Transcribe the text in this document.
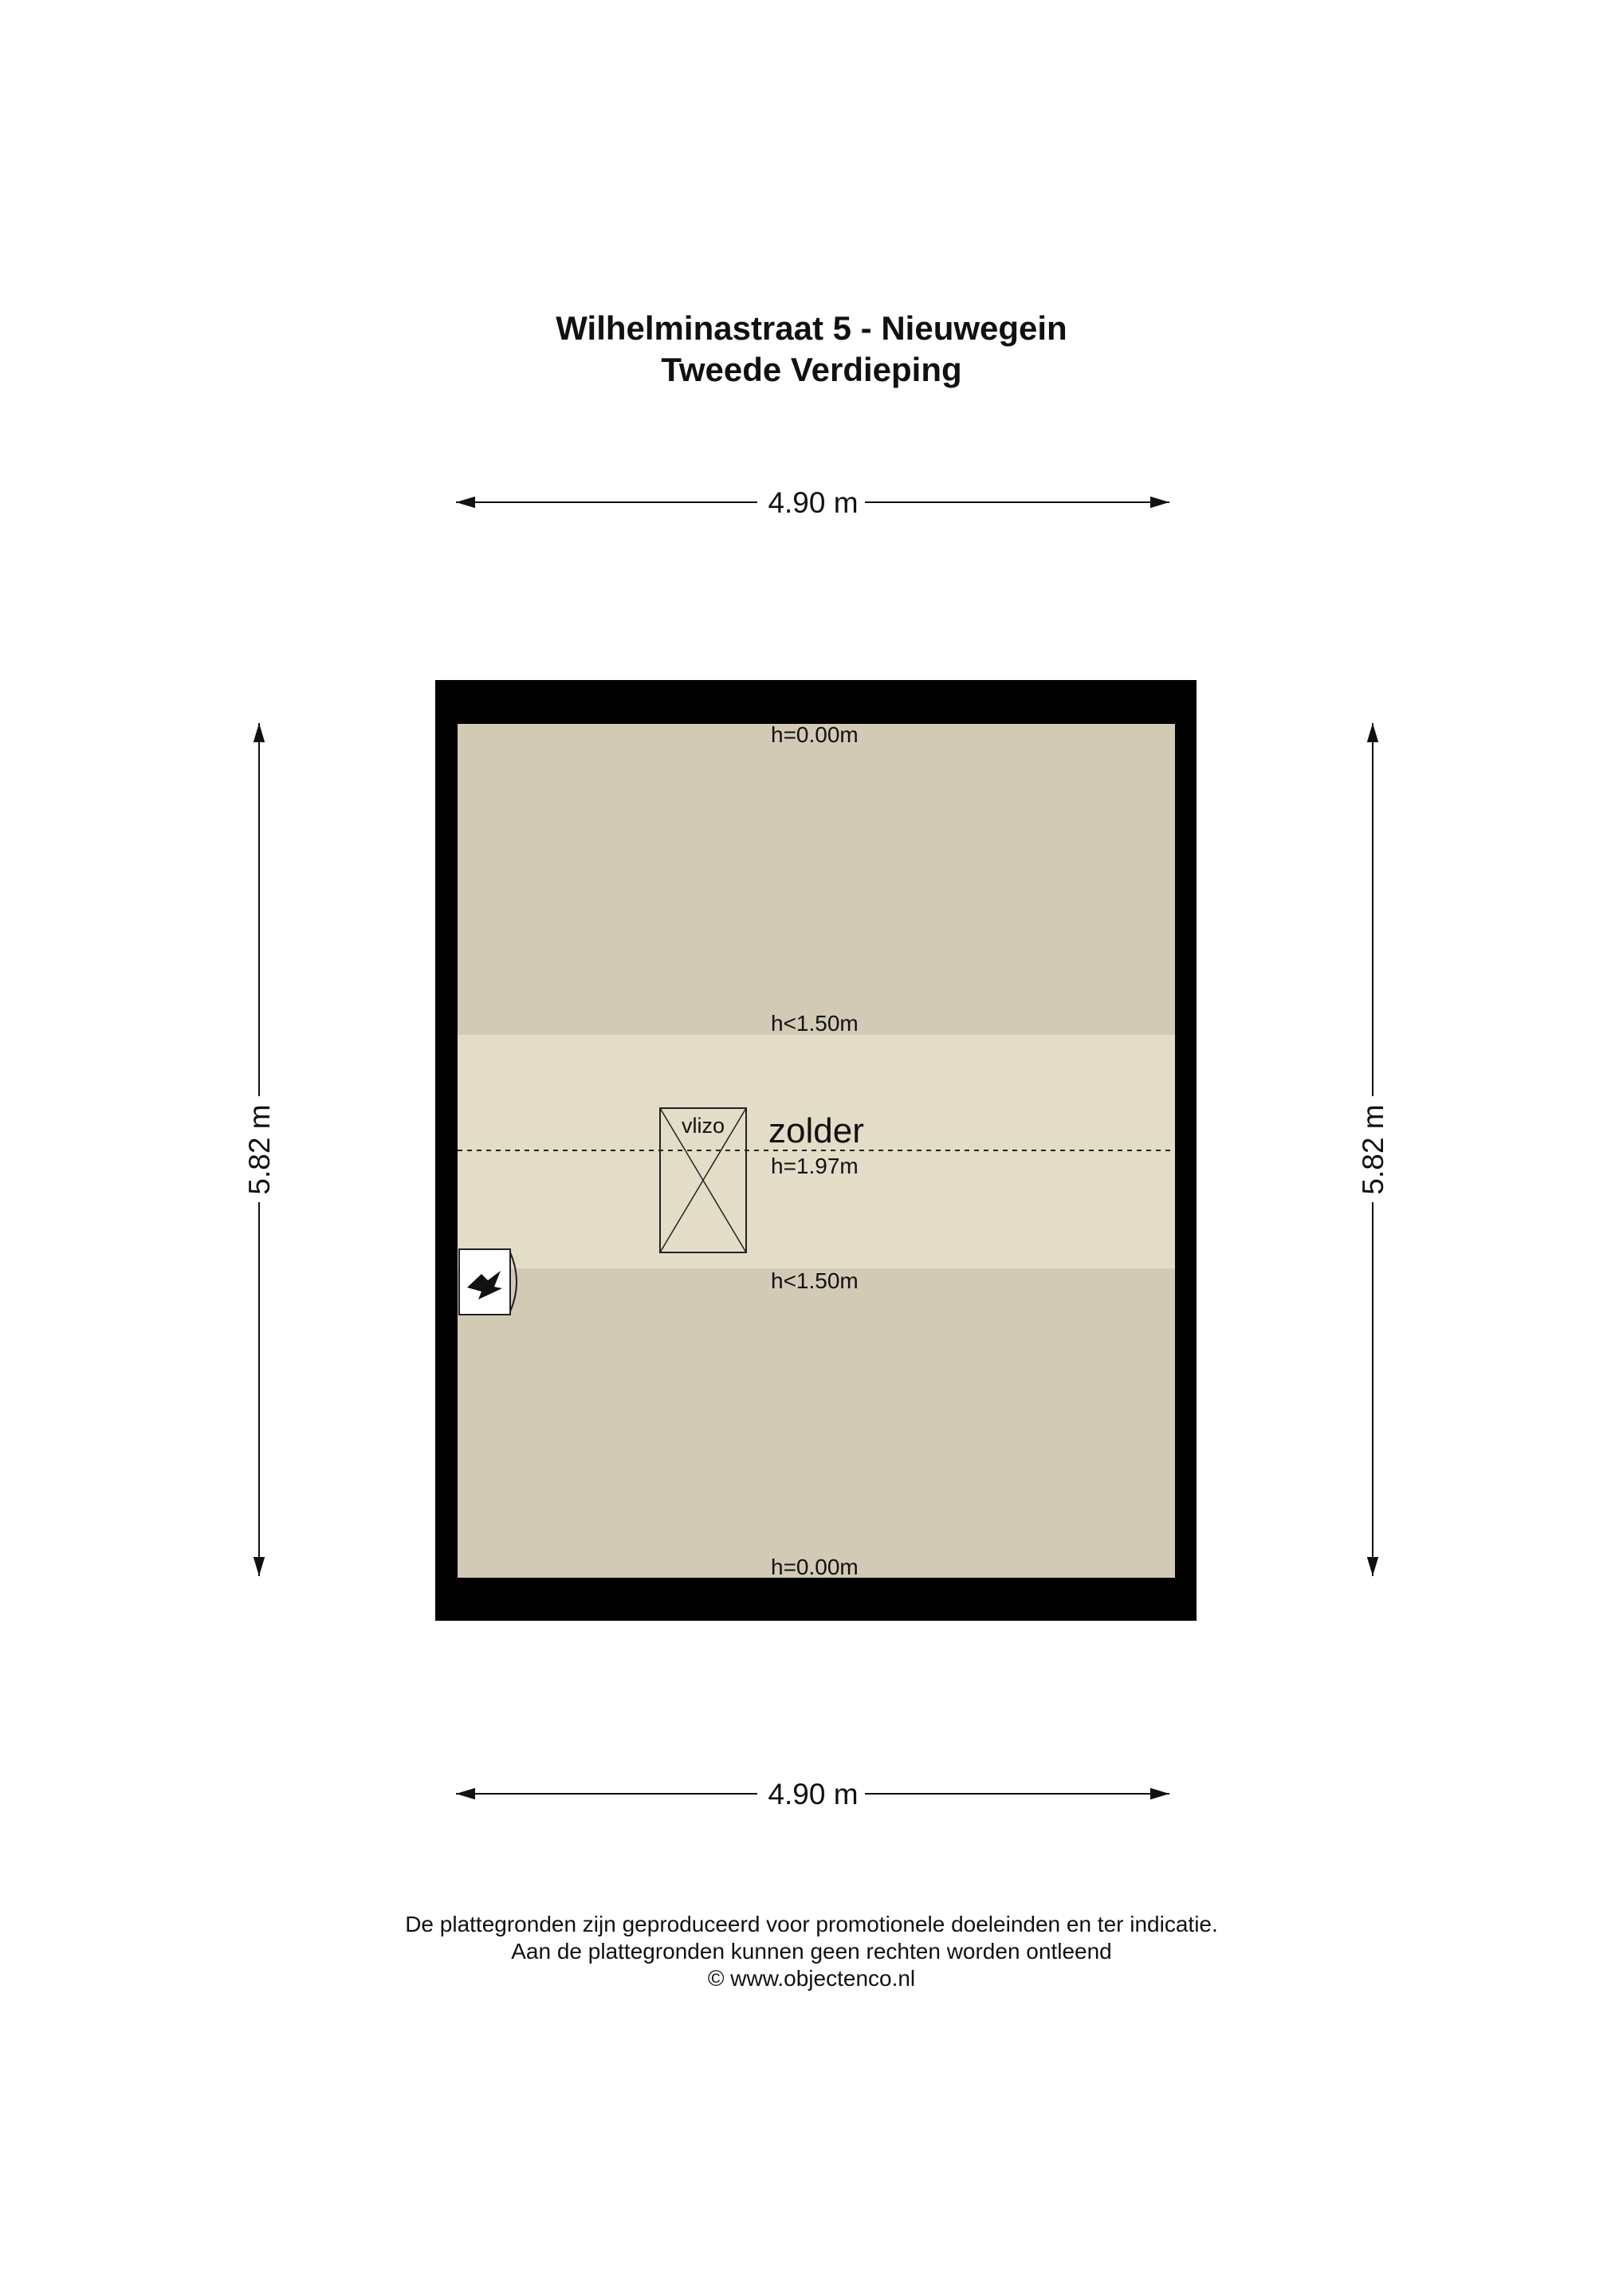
Wilhelminastraat 5 - Nieuwegein
Tweede Verdieping
4.90 m
4.90 m
5.82 m	5.82 m
h=0.00m
h<1.50m
h=1.97m
h<1.50m
h=0.00m
zolder
vlizo
De plattegronden zijn geproduceerd voor promotionele doeleinden en ter indicatie.
Aan de plattegronden kunnen geen rechten worden ontleend
© www.objectenco.nl
